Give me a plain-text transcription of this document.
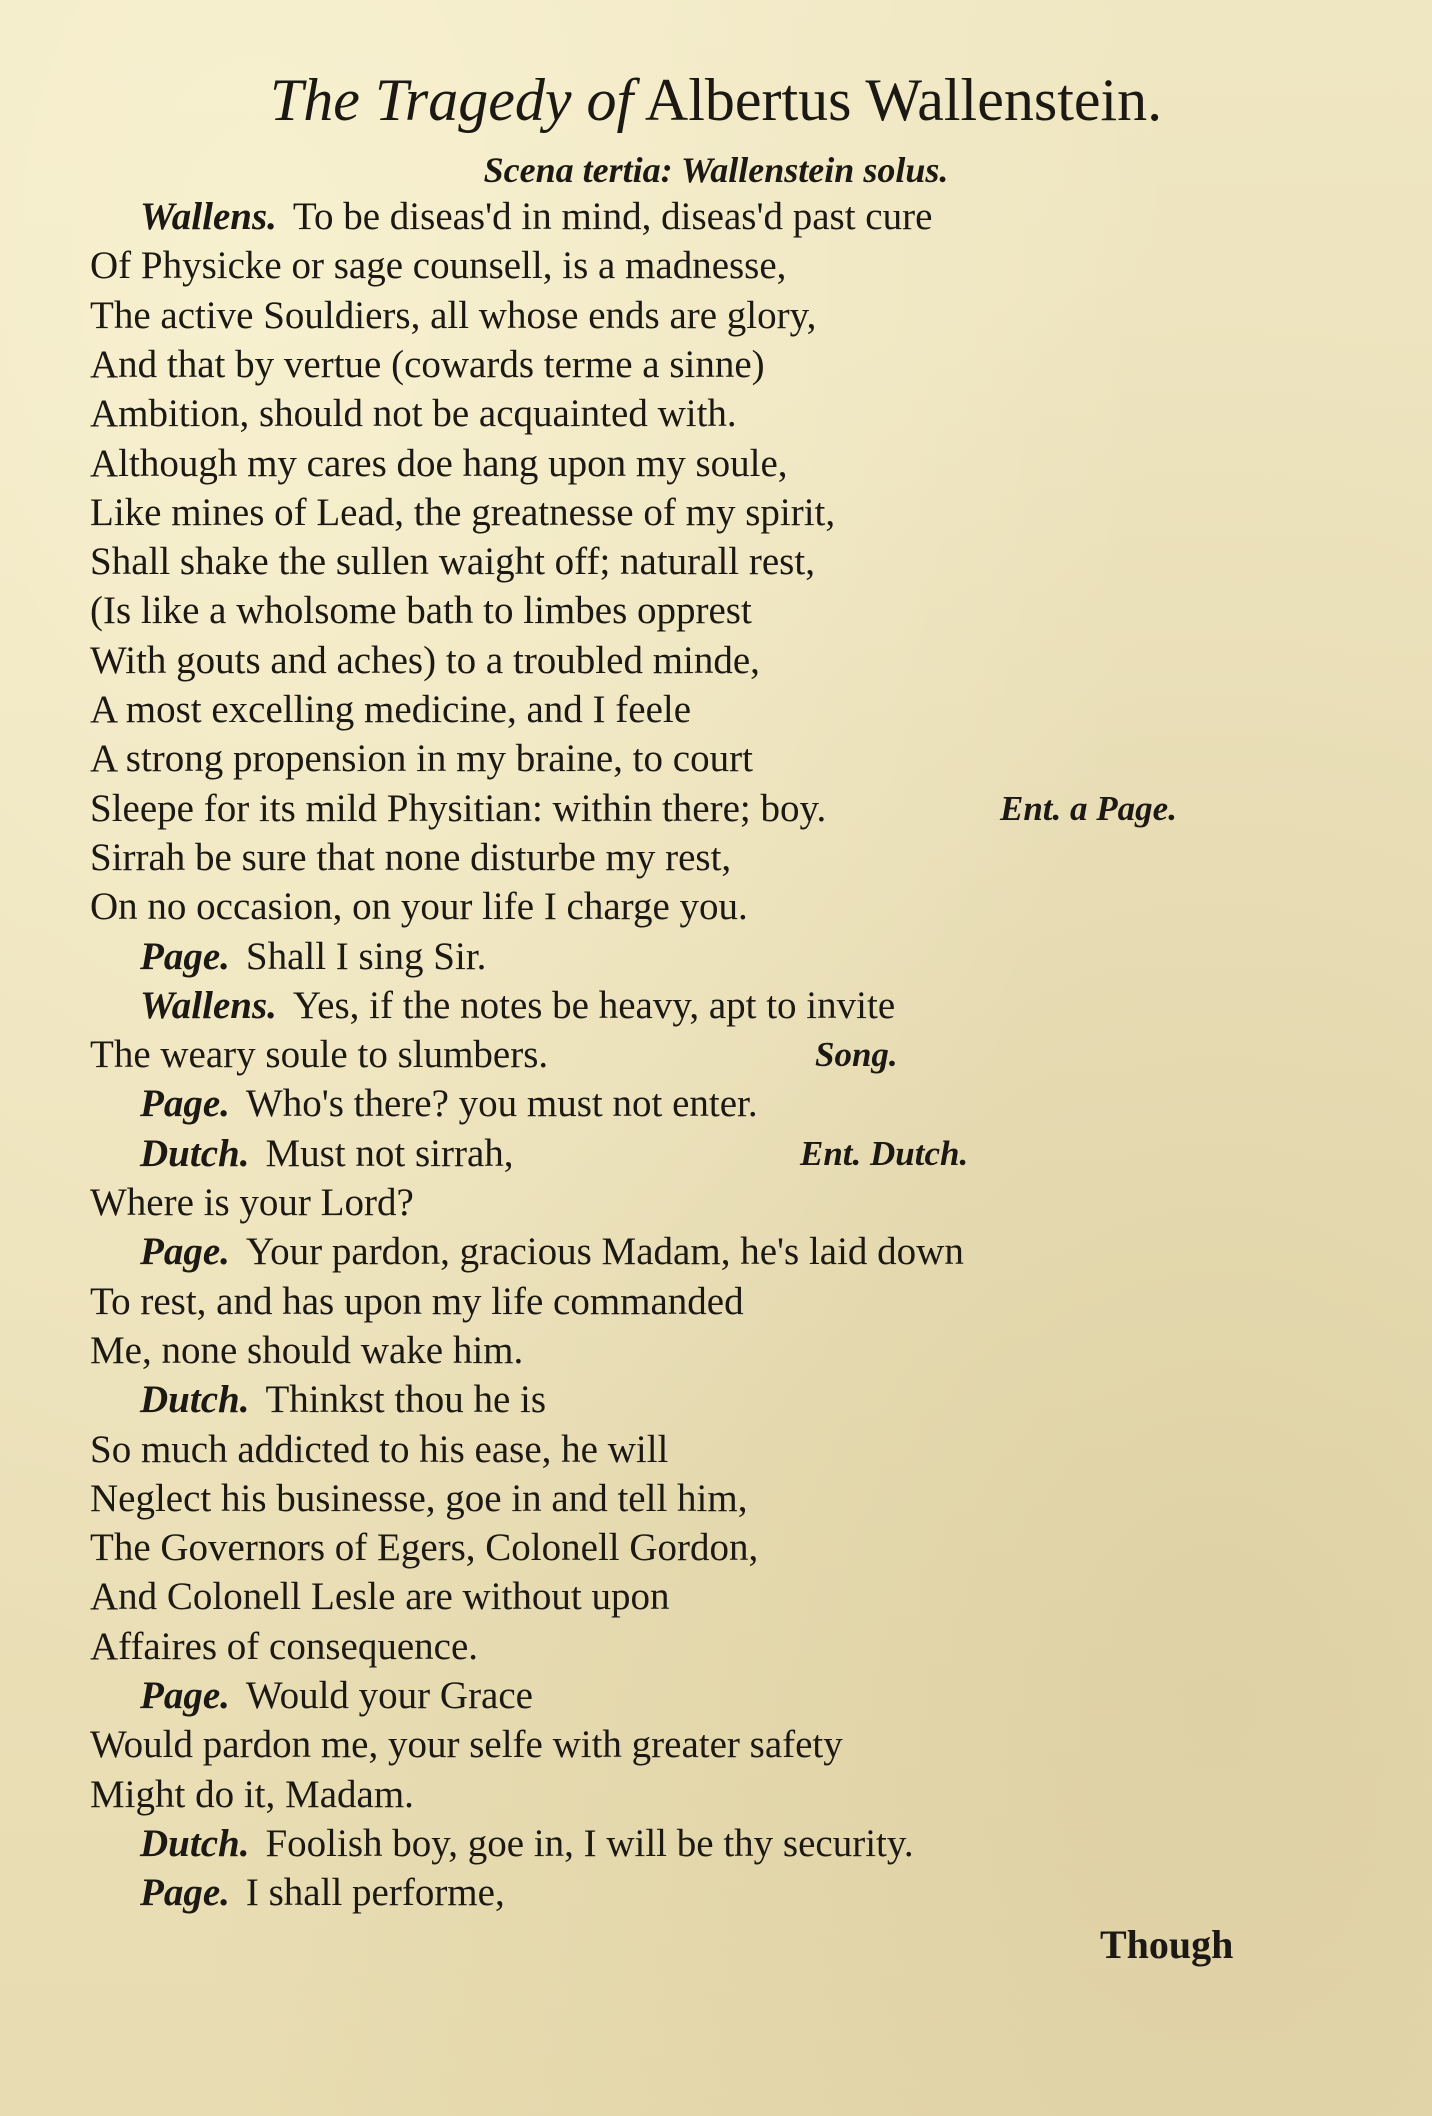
The Tragedy of Albertus Wallenstein.
Scena tertia: Wallenstein solus.
Wallens. To be diseas'd in mind, diseas'd past cure
Of Physicke or sage counsell, is a madnesse,
The active Souldiers, all whose ends are glory,
And that by vertue (cowards terme a sinne)
Ambition, should not be acquainted with.
Although my cares doe hang upon my soule,
Like mines of Lead, the greatnesse of my spirit,
Shall shake the sullen waight off; naturall rest,
(Is like a wholsome bath to limbes opprest
With gouts and aches) to a troubled minde,
A most excelling medicine, and I feele
A strong propension in my braine, to court
Sleepe for its mild Physitian: within there; boy.	Ent. a Page.
Sirrah be sure that none disturbe my rest,
On no occasion, on your life I charge you.
Page. Shall I sing Sir.
Wallens. Yes, if the notes be heavy, apt to invite
The weary soule to slumbers.	Song.
Page. Who's there? you must not enter.
Dutch. Must not sirrah,	Ent. Dutch.
Where is your Lord?
Page. Your pardon, gracious Madam, he's laid down
To rest, and has upon my life commanded
Me, none should wake him.
Dutch. Thinkst thou he is
So much addicted to his ease, he will
Neglect his businesse, goe in and tell him,
The Governors of Egers, Colonell Gordon,
And Colonell Lesle are without upon
Affaires of consequence.
Page. Would your Grace
Would pardon me, your selfe with greater safety
Might do it, Madam.
Dutch. Foolish boy, goe in, I will be thy security.
Page. I shall performe,
Though
